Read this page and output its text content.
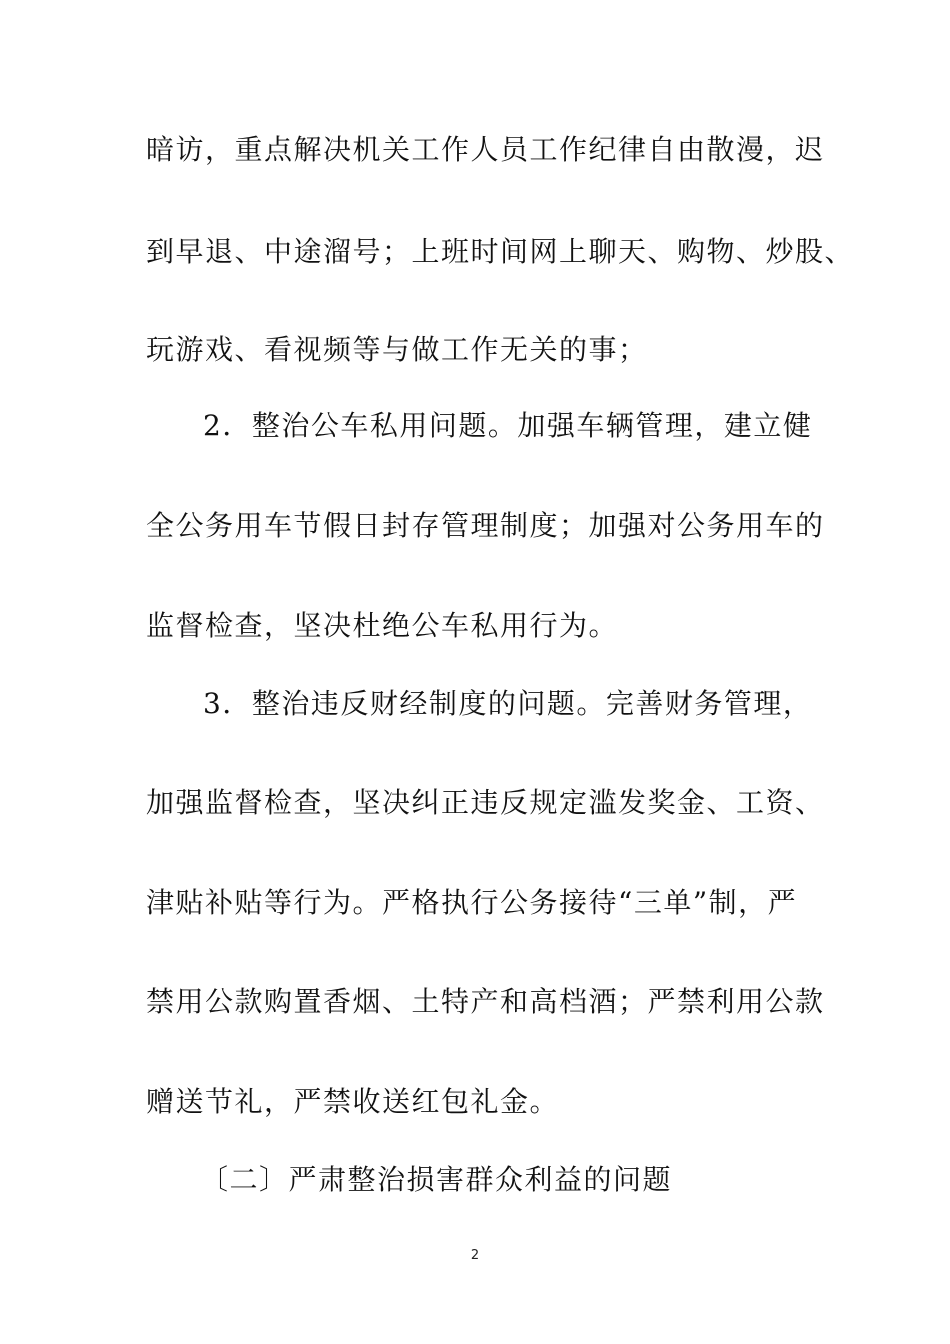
暗访，重点解决机关工作人员工作纪律自由散漫，迟
到早退、中途溜号；上班时间网上聊天、购物、炒股、
玩游戏、看视频等与做工作无关的事；
2．整治公车私用问题。加强车辆管理，建立健
全公务用车节假日封存管理制度；加强对公务用车的
监督检查，坚决杜绝公车私用行为。
3．整治违反财经制度的问题。完善财务管理，
加强监督检查，坚决纠正违反规定滥发奖金、工资、
津贴补贴等行为。严格执行公务接待“三单”制，严
禁用公款购置香烟、土特产和高档酒；严禁利用公款
赠送节礼，严禁收送红包礼金。
〔二〕严肃整治损害群众利益的问题
2
